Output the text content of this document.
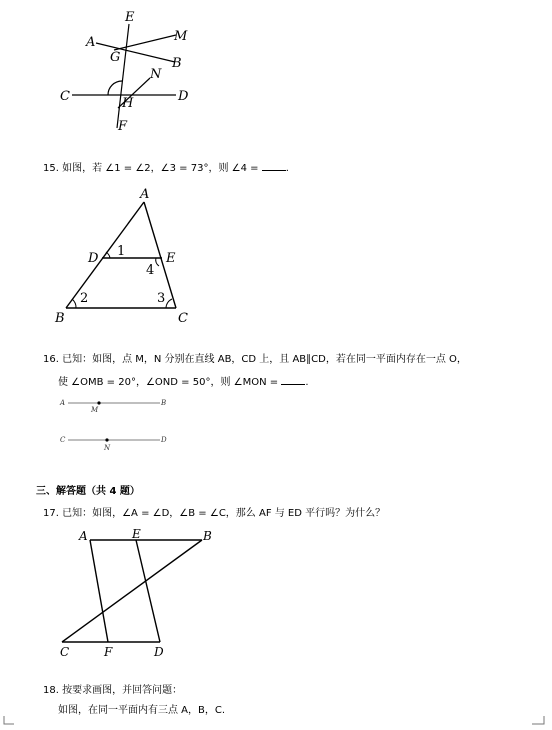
E
A	M
G	B
N
C	H	D
F
15. 如图，若 ∠1 = ∠2，∠3 = 73°，则 ∠4 =	.
A
D	E
B	C
1
4
2	3
16. 已知：如图，点 M，N 分别在直线 AB，CD 上，且 AB∥CD，若在同一平面内存在一点 O，
使 ∠OMB = 20°，∠OND = 50°，则 ∠MON =	.
A	B
M
C	D
N
三、解答题（共 4 题）
17. 已知：如图，∠A = ∠D，∠B = ∠C，那么 AF 与 ED 平行吗？为什么？
A	E	B
C	F	D
18. 按要求画图，并回答问题：
如图，在同一平面内有三点 A，B，C.
